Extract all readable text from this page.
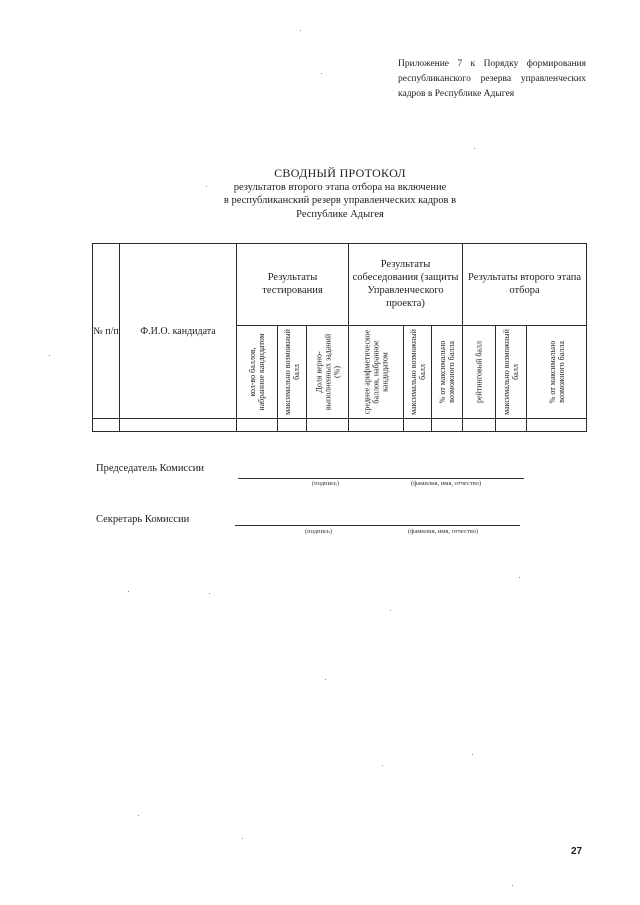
Приложение 7 к Порядку формирования республиканского резерва управленческих кадров в Республике Адыгея
СВОДНЫЙ ПРОТОКОЛ
результатов второго этапа отбора на включение
в республиканский резерв управленческих кадров в
Республике Адыгея
№ п/п	Ф.И.О. кандидата	Результаты тестирования			Результаты собеседования (защиты Управленческого проекта)			Результаты второго этапа отбора		

		кол-во баллов, набранное кандидатом	максимально возможный балл	Доля верно-выполненных заданий (%)	среднее арифметическое баллов, набранное кандидатом	максимально возможный балл	% от максимально возможного балла	рейтинговый балл	максимально возможный балл	% от максимально возможного балла

Председатель Комиссии
(подпись)	(фамилия, имя, отчество)
Секретарь Комиссии
(подпись)	(фамилия, имя, отчество)
27
